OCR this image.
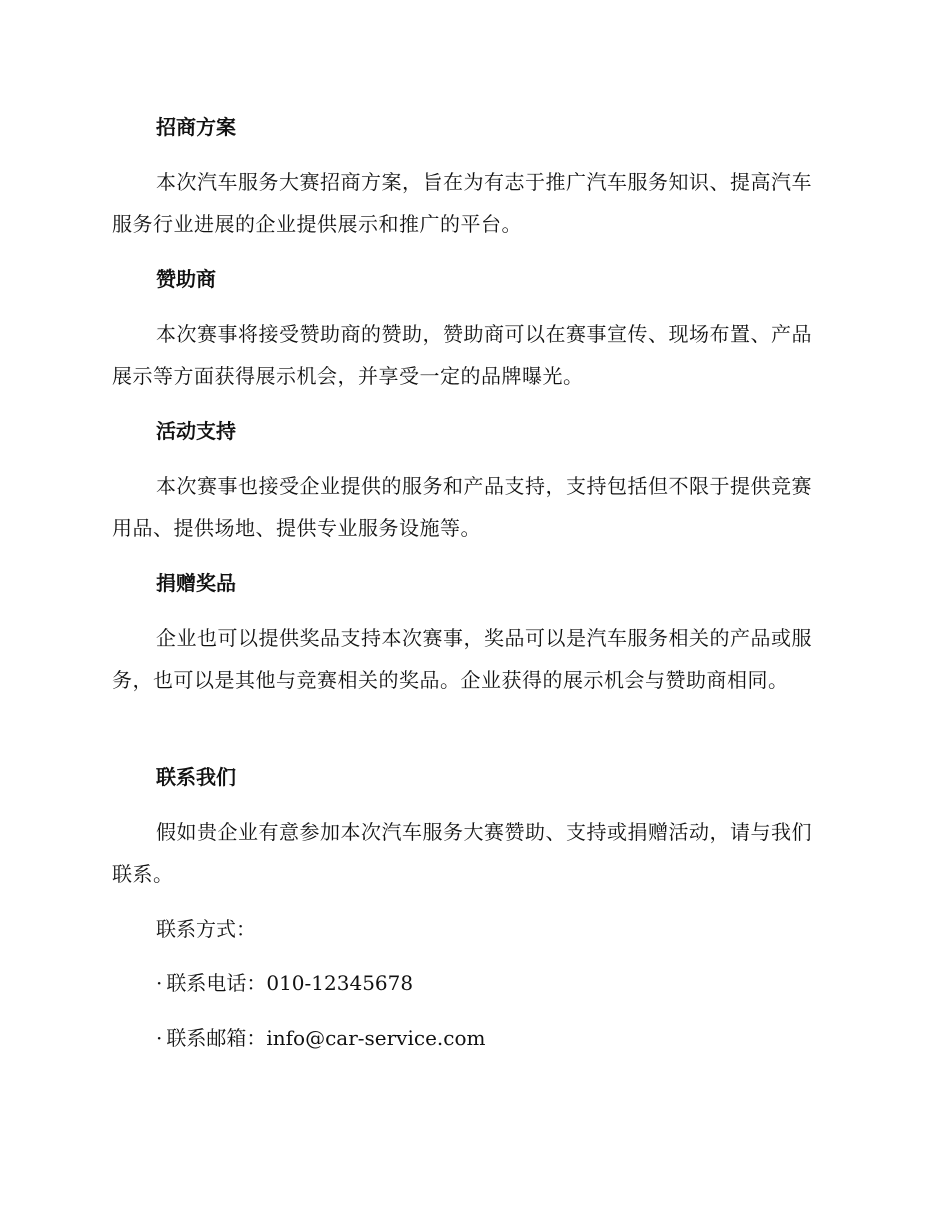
招商方案

本次汽车服务大赛招商方案，旨在为有志于推广汽车服务知识、提高汽车服务行业进展的企业提供展示和推广的平台。

赞助商

本次赛事将接受赞助商的赞助，赞助商可以在赛事宣传、现场布置、产品展示等方面获得展示机会，并享受一定的品牌曝光。

活动支持

本次赛事也接受企业提供的服务和产品支持，支持包括但不限于提供竞赛用品、提供场地、提供专业服务设施等。

捐赠奖品

企业也可以提供奖品支持本次赛事，奖品可以是汽车服务相关的产品或服务，也可以是其他与竞赛相关的奖品。企业获得的展示机会与赞助商相同。

联系我们

假如贵企业有意参加本次汽车服务大赛赞助、支持或捐赠活动，请与我们联系。

联系方式：
· 联系电话：010-12345678
· 联系邮箱：info@car-service.com
